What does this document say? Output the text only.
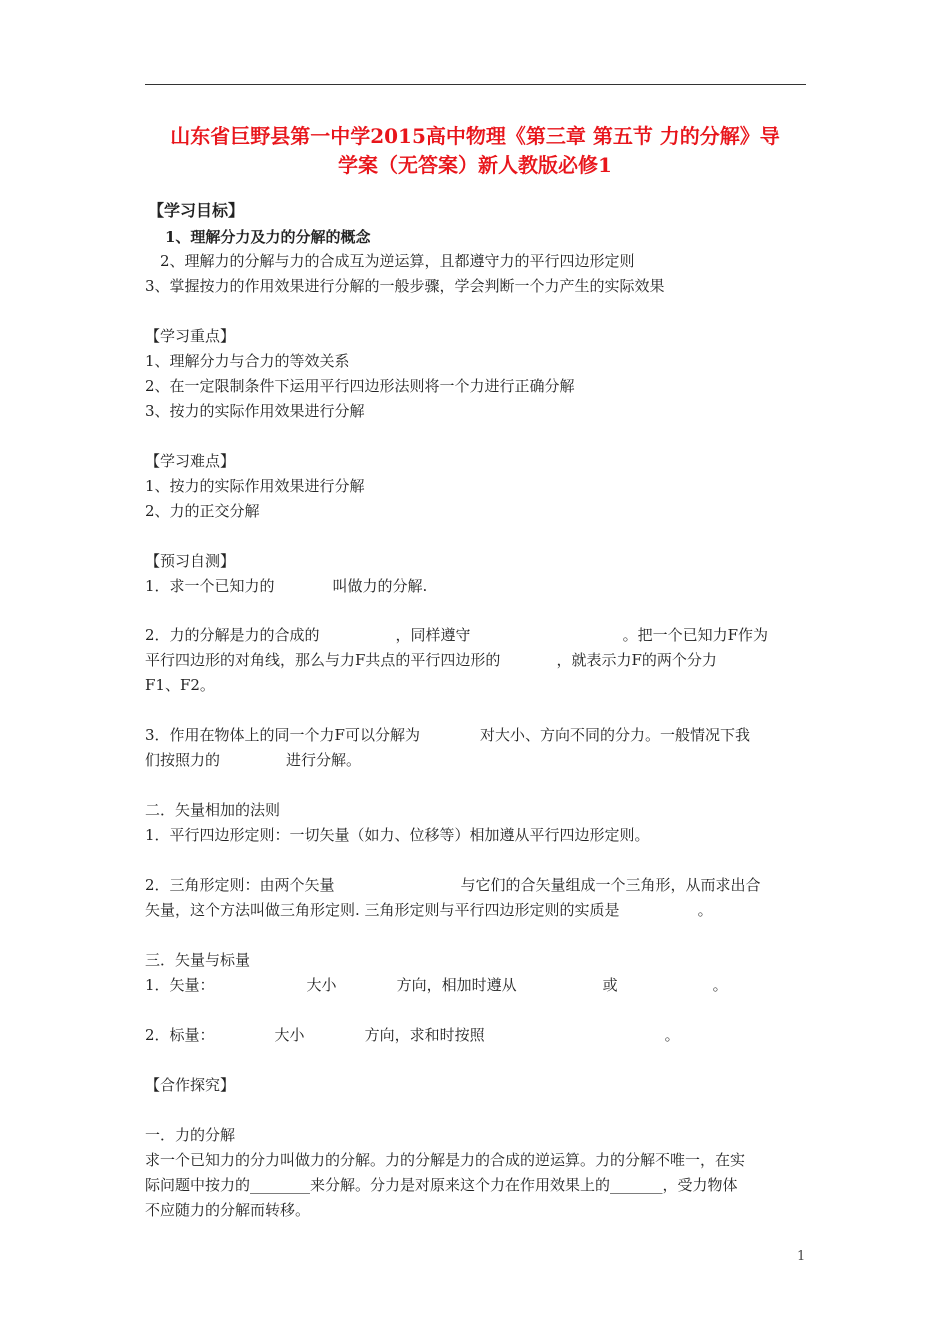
山东省巨野县第一中学2015高中物理《第三章 第五节 力的分解》导
学案（无答案）新人教版必修1
【学习目标】
1、理解分力及力的分解的概念
2、理解力的分解与力的合成互为逆运算，且都遵守力的平行四边形定则
3、掌握按力的作用效果进行分解的一般步骤，学会判断一个力产生的实际效果
【学习重点】
1、理解分力与合力的等效关系
2、在一定限制条件下运用平行四边形法则将一个力进行正确分解
3、按力的实际作用效果进行分解
【学习难点】
1、按力的实际作用效果进行分解
2、力的正交分解
【预习自测】
1．求一个已知力的	叫做力的分解.
2．力的分解是力的合成的	，同样遵守	。把一个已知力F作为
平行四边形的对角线，那么与力F共点的平行四边形的	，就表示力F的两个分力
F1、F2。
3．作用在物体上的同一个力F可以分解为	对大小、方向不同的分力。一般情况下我
们按照力的	进行分解。
二．矢量相加的法则
1．平行四边形定则：一切矢量（如力、位移等）相加遵从平行四边形定则。
2．三角形定则：由两个矢量	与它们的合矢量组成一个三角形，从而求出合
矢量，这个方法叫做三角形定则. 三角形定则与平行四边形定则的实质是	。
三．矢量与标量
1．矢量：	大小	方向，相加时遵从	或	。
2．标量：	大小	方向，求和时按照	。
【合作探究】
一．力的分解
求一个已知力的分力叫做力的分解。力的分解是力的合成的逆运算。力的分解不唯一，在实
际问题中按力的________来分解。分力是对原来这个力在作用效果上的_______，受力物体
不应随力的分解而转移。
1
